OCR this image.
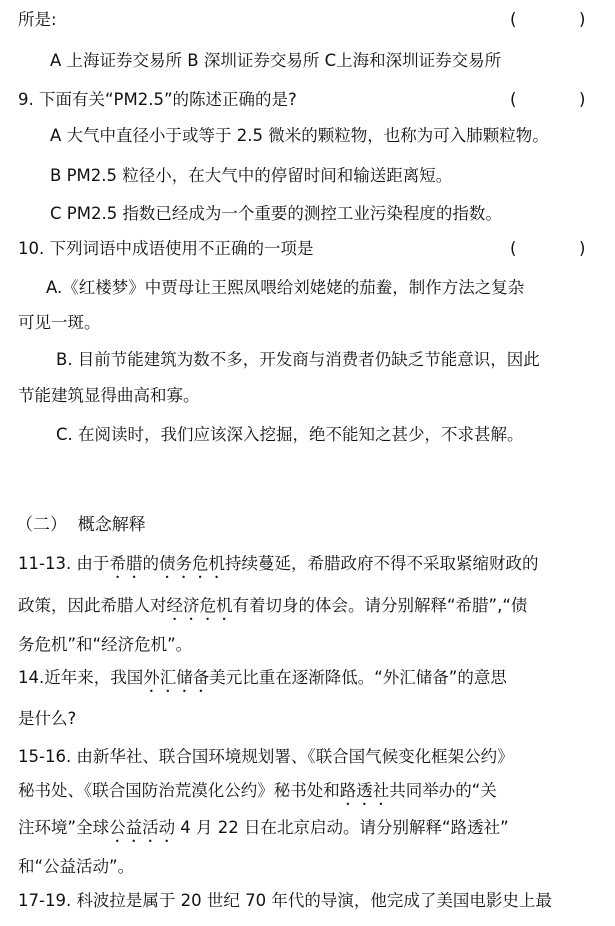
所是:	(      )
A 上海证券交易所 B 深圳证券交易所 C上海和深圳证券交易所
9. 下面有关“PM2.5”的陈述正确的是?	(      )
A 大气中直径小于或等于 2.5 微米的颗粒物，也称为可入肺颗粒物。
B PM2.5 粒径小，在大气中的停留时间和输送距离短。
C PM2.5 指数已经成为一个重要的测控工业污染程度的指数。
10. 下列词语中成语使用不正确的一项是	(      )
A.《红楼梦》中贾母让王熙凤喂给刘姥姥的茄鲞，制作方法之复杂
可见一斑。
B. 目前节能建筑为数不多，开发商与消费者仍缺乏节能意识，因此
节能建筑显得曲高和寡。
C. 在阅读时，我们应该深入挖掘，绝不能知之甚少，不求甚解。
（二）  概念解释
11-13. 由于希腊的债务危机持续蔓延，希腊政府不得不采取紧缩财政的
政策，因此希腊人对经济危机有着切身的体会。请分别解释“希腊”,“债
务危机”和“经济危机”。
14.近年来，我国外汇储备美元比重在逐渐降低。“外汇储备”的意思
是什么?
15-16. 由新华社、联合国环境规划署、《联合国气候变化框架公约》
秘书处、《联合国防治荒漠化公约》秘书处和路透社共同举办的“关
注环境”全球公益活动 4 月 22 日在北京启动。请分别解释“路透社”
和“公益活动”。
17-19. 科波拉是属于 20 世纪 70 年代的导演，他完成了美国电影史上最
